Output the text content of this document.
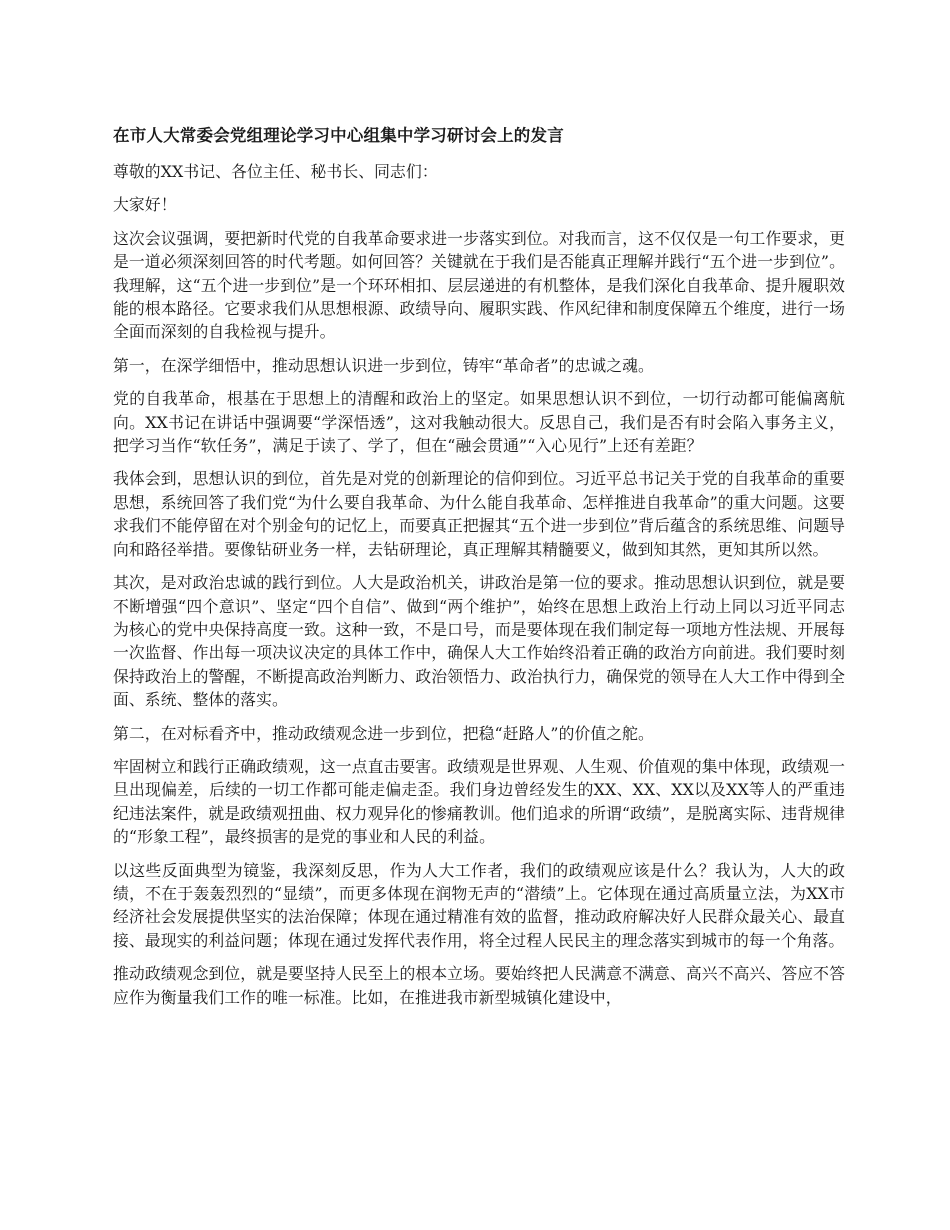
在市人大常委会党组理论学习中心组集中学习研讨会上的发言

尊敬的XX书记、各位主任、秘书长、同志们：

大家好！

这次会议强调，要把新时代党的自我革命要求进一步落实到位。对我而言，这不仅仅是一句工作要求，更是一道必须深刻回答的时代考题。如何回答？关键就在于我们是否能真正理解并践行“五个进一步到位”。我理解，这“五个进一步到位”是一个环环相扣、层层递进的有机整体，是我们深化自我革命、提升履职效能的根本路径。它要求我们从思想根源、政绩导向、履职实践、作风纪律和制度保障五个维度，进行一场全面而深刻的自我检视与提升。

第一，在深学细悟中，推动思想认识进一步到位，铸牢“革命者”的忠诚之魂。

党的自我革命，根基在于思想上的清醒和政治上的坚定。如果思想认识不到位，一切行动都可能偏离航向。XX书记在讲话中强调要“学深悟透”，这对我触动很大。反思自己，我们是否有时会陷入事务主义，把学习当作“软任务”，满足于读了、学了，但在“融会贯通”“入心见行”上还有差距？

我体会到，思想认识的到位，首先是对党的创新理论的信仰到位。习近平总书记关于党的自我革命的重要思想，系统回答了我们党“为什么要自我革命、为什么能自我革命、怎样推进自我革命”的重大问题。这要求我们不能停留在对个别金句的记忆上，而要真正把握其“五个进一步到位”背后蕴含的系统思维、问题导向和路径举措。要像钻研业务一样，去钻研理论，真正理解其精髓要义，做到知其然，更知其所以然。

其次，是对政治忠诚的践行到位。人大是政治机关，讲政治是第一位的要求。推动思想认识到位，就是要不断增强“四个意识”、坚定“四个自信”、做到“两个维护”，始终在思想上政治上行动上同以习近平同志为核心的党中央保持高度一致。这种一致，不是口号，而是要体现在我们制定每一项地方性法规、开展每一次监督、作出每一项决议决定的具体工作中，确保人大工作始终沿着正确的政治方向前进。我们要时刻保持政治上的警醒，不断提高政治判断力、政治领悟力、政治执行力，确保党的领导在人大工作中得到全面、系统、整体的落实。

第二，在对标看齐中，推动政绩观念进一步到位，把稳“赶路人”的价值之舵。

牢固树立和践行正确政绩观，这一点直击要害。政绩观是世界观、人生观、价值观的集中体现，政绩观一旦出现偏差，后续的一切工作都可能走偏走歪。我们身边曾经发生的XX、XX、XX以及XX等人的严重违纪违法案件，就是政绩观扭曲、权力观异化的惨痛教训。他们追求的所谓“政绩”，是脱离实际、违背规律的“形象工程”，最终损害的是党的事业和人民的利益。

以这些反面典型为镜鉴，我深刻反思，作为人大工作者，我们的政绩观应该是什么？我认为，人大的政绩，不在于轰轰烈烈的“显绩”，而更多体现在润物无声的“潜绩”上。它体现在通过高质量立法，为XX市经济社会发展提供坚实的法治保障；体现在通过精准有效的监督，推动政府解决好人民群众最关心、最直接、最现实的利益问题；体现在通过发挥代表作用，将全过程人民民主的理念落实到城市的每一个角落。

推动政绩观念到位，就是要坚持人民至上的根本立场。要始终把人民满意不满意、高兴不高兴、答应不答应作为衡量我们工作的唯一标准。比如，在推进我市新型城镇化建设中，
